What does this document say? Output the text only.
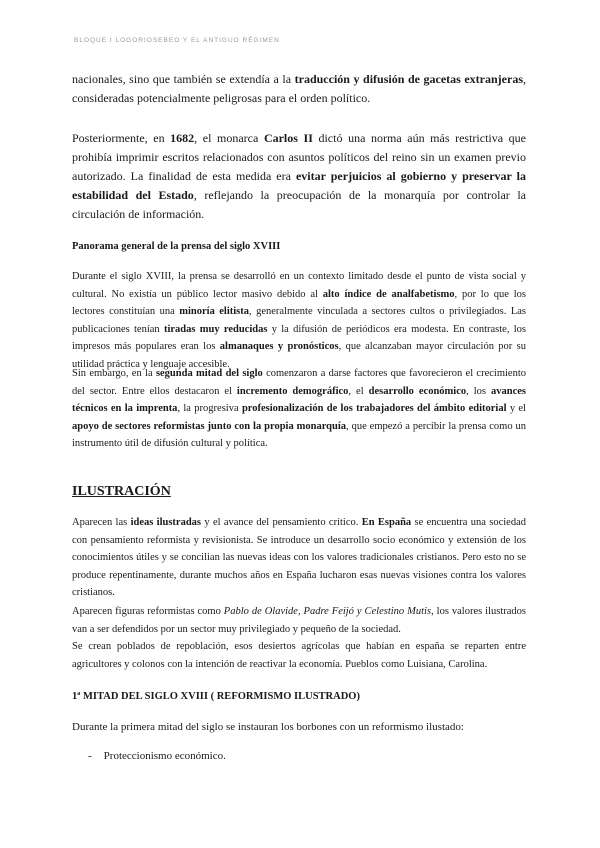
BLOQUE I LOGORIOSEBEO Y EL ANTIGUO RÉGIMEN

nacionales, sino que también se extendía a la traducción y difusión de gacetas extranjeras, consideradas potencialmente peligrosas para el orden político.

Posteriormente, en 1682, el monarca Carlos II dictó una norma aún más restrictiva que prohibía imprimir escritos relacionados con asuntos políticos del reino sin un examen previo autorizado. La finalidad de esta medida era evitar perjuicios al gobierno y preservar la estabilidad del Estado, reflejando la preocupación de la monarquía por controlar la circulación de información.

Panorama general de la prensa del siglo XVIII

Durante el siglo XVIII, la prensa se desarrolló en un contexto limitado desde el punto de vista social y cultural. No existía un público lector masivo debido al alto índice de analfabetismo, por lo que los lectores constituían una minoría elitista, generalmente vinculada a sectores cultos o privilegiados. Las publicaciones tenían tiradas muy reducidas y la difusión de periódicos era modesta. En contraste, los impresos más populares eran los almanaques y pronósticos, que alcanzaban mayor circulación por su utilidad práctica y lenguaje accesible.

Sin embargo, en la segunda mitad del siglo comenzaron a darse factores que favorecieron el crecimiento del sector. Entre ellos destacaron el incremento demográfico, el desarrollo económico, los avances técnicos en la imprenta, la progresiva profesionalización de los trabajadores del ámbito editorial y el apoyo de sectores reformistas junto con la propia monarquía, que empezó a percibir la prensa como un instrumento útil de difusión cultural y política.

ILUSTRACIÓN

Aparecen las ideas ilustradas y el avance del pensamiento crítico. En España se encuentra una sociedad con pensamiento reformista y revisionista. Se introduce un desarrollo socio económico y extensión de los conocimientos útiles y se concilian las nuevas ideas con los valores tradicionales cristianos. Pero esto no se produce repentinamente, durante muchos años en España lucharon esas nuevas visiones contra los valores cristianos.

Aparecen figuras reformistas como Pablo de Olavide, Padre Feijó y Celestino Mutis, los valores ilustrados van a ser defendidos por un sector muy privilegiado y pequeño de la sociedad.

Se crean poblados de repoblación, esos desiertos agrícolas que habían en españa se reparten entre agricultores y colonos con la intención de reactivar la economía. Pueblos como Luisiana, Carolina.

1ª MITAD DEL SIGLO XVIII ( REFORMISMO ILUSTRADO)

Durante la primera mitad del siglo se instauran los borbones con un reformismo ilustado:

- Proteccionismo económico.
